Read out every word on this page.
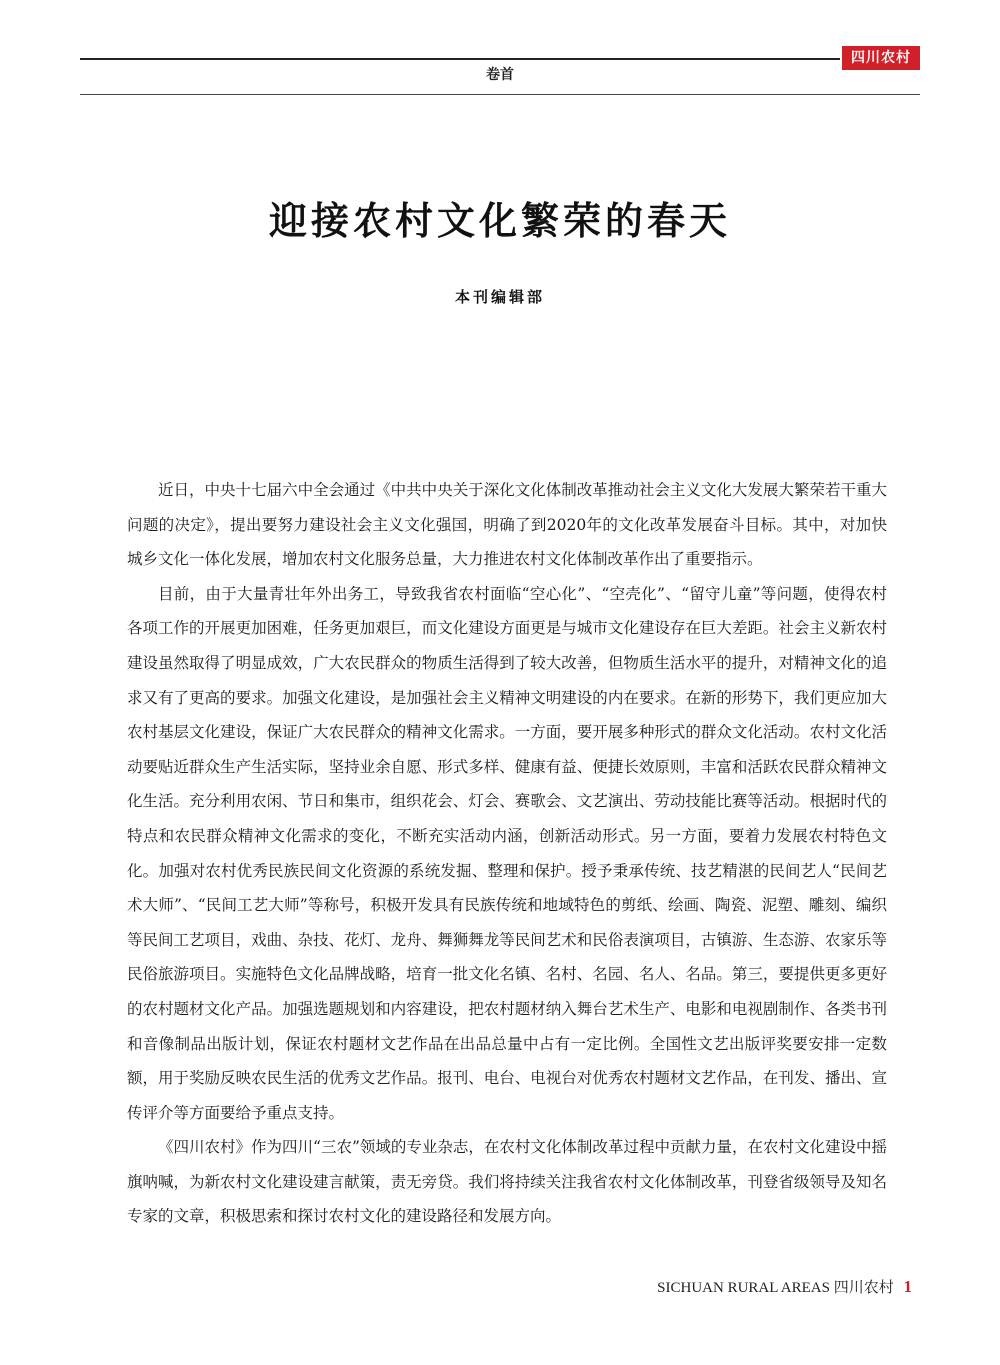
四川农村
卷首
迎接农村文化繁荣的春天
本刊编辑部

近日，中央十七届六中全会通过《中共中央关于深化文化体制改革推动社会主义文化大发展大繁荣若干重大问题的决定》，提出要努力建设社会主义文化强国，明确了到2020年的文化改革发展奋斗目标。其中，对加快城乡文化一体化发展，增加农村文化服务总量，大力推进农村文化体制改革作出了重要指示。

目前，由于大量青壮年外出务工，导致我省农村面临“空心化”、“空壳化”、“留守儿童”等问题，使得农村各项工作的开展更加困难，任务更加艰巨，而文化建设方面更是与城市文化建设存在巨大差距。社会主义新农村建设虽然取得了明显成效，广大农民群众的物质生活得到了较大改善，但物质生活水平的提升，对精神文化的追求又有了更高的要求。加强文化建设，是加强社会主义精神文明建设的内在要求。在新的形势下，我们更应加大农村基层文化建设，保证广大农民群众的精神文化需求。一方面，要开展多种形式的群众文化活动。农村文化活动要贴近群众生产生活实际，坚持业余自愿、形式多样、健康有益、便捷长效原则，丰富和活跃农民群众精神文化生活。充分利用农闲、节日和集市，组织花会、灯会、赛歌会、文艺演出、劳动技能比赛等活动。根据时代的特点和农民群众精神文化需求的变化，不断充实活动内涵，创新活动形式。另一方面，要着力发展农村特色文化。加强对农村优秀民族民间文化资源的系统发掘、整理和保护。授予秉承传统、技艺精湛的民间艺人“民间艺术大师”、“民间工艺大师”等称号，积极开发具有民族传统和地域特色的剪纸、绘画、陶瓷、泥塑、雕刻、编织等民间工艺项目，戏曲、杂技、花灯、龙舟、舞狮舞龙等民间艺术和民俗表演项目，古镇游、生态游、农家乐等民俗旅游项目。实施特色文化品牌战略，培育一批文化名镇、名村、名园、名人、名品。第三，要提供更多更好的农村题材文化产品。加强选题规划和内容建设，把农村题材纳入舞台艺术生产、电影和电视剧制作、各类书刊和音像制品出版计划，保证农村题材文艺作品在出品总量中占有一定比例。全国性文艺出版评奖要安排一定数额，用于奖励反映农民生活的优秀文艺作品。报刊、电台、电视台对优秀农村题材文艺作品，在刊发、播出、宣传评介等方面要给予重点支持。

《四川农村》作为四川“三农”领域的专业杂志，在农村文化体制改革过程中贡献力量，在农村文化建设中摇旗呐喊，为新农村文化建设建言献策，责无旁贷。我们将持续关注我省农村文化体制改革，刊登省级领导及知名专家的文章，积极思索和探讨农村文化的建设路径和发展方向。

SICHUAN RURAL AREAS 四川农村 1
